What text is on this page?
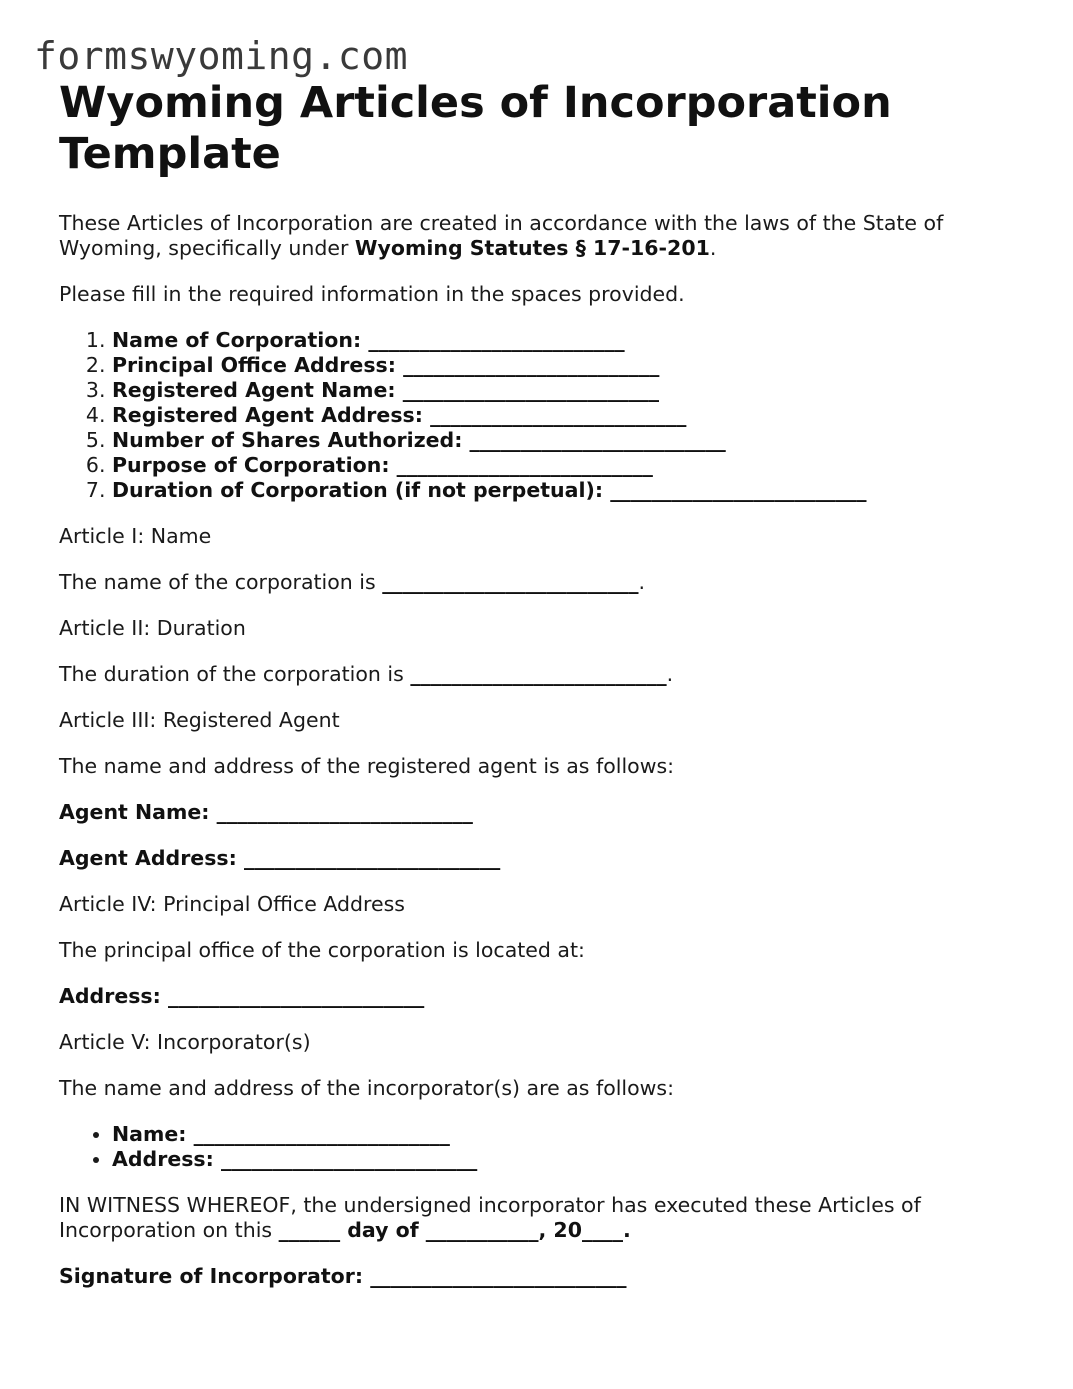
formswyoming.com
Wyoming Articles of Incorporation Template

These Articles of Incorporation are created in accordance with the laws of the State of Wyoming, specifically under Wyoming Statutes § 17-16-201.

Please fill in the required information in the spaces provided.

1. Name of Corporation: _________________________
2. Principal Office Address: _________________________
3. Registered Agent Name: _________________________
4. Registered Agent Address: _________________________
5. Number of Shares Authorized: _________________________
6. Purpose of Corporation: _________________________
7. Duration of Corporation (if not perpetual): _________________________

Article I: Name

The name of the corporation is _________________________.

Article II: Duration

The duration of the corporation is _________________________.

Article III: Registered Agent

The name and address of the registered agent is as follows:

Agent Name: _________________________

Agent Address: _________________________

Article IV: Principal Office Address

The principal office of the corporation is located at:

Address: _________________________

Article V: Incorporator(s)

The name and address of the incorporator(s) are as follows:

• Name: _________________________
• Address: _________________________

IN WITNESS WHEREOF, the undersigned incorporator has executed these Articles of Incorporation on this ______ day of ___________, 20____.

Signature of Incorporator: _________________________
